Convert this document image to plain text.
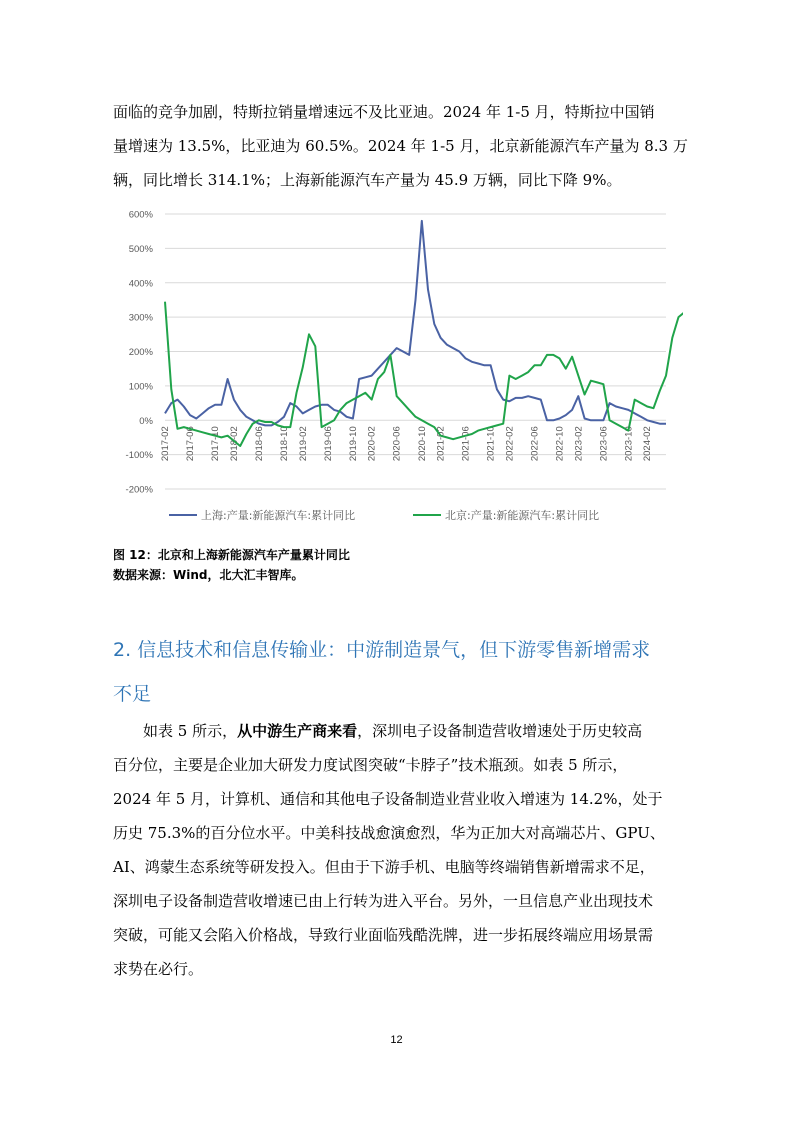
面临的竞争加剧，特斯拉销量增速远不及比亚迪。2024 年 1-5 月，特斯拉中国销

量增速为 13.5%，比亚迪为 60.5%。2024 年 1-5 月，北京新能源汽车产量为 8.3 万

辆，同比增长 314.1%；上海新能源汽车产量为 45.9 万辆，同比下降 9%。

600%
500%
400%
300%
200%
100%
0%
-100%
-200%
2017-02 2017-06 2017-10 2018-02 2018-06 2018-10 2019-02 2019-06 2019-10 2020-02 2020-06 2020-10 2021-02 2021-06 2021-10 2022-02 2022-06 2022-10 2023-02 2023-06 2023-10 2024-02
上海:产量:新能源汽车:累计同比	北京:产量:新能源汽车:累计同比
图 12：北京和上海新能源汽车产量累计同比
数据来源：Wind，北大汇丰智库。

2. 信息技术和信息传输业：中游制造景气，但下游零售新增需求

不足

如表 5 所示，从中游生产商来看，深圳电子设备制造营收增速处于历史较高

百分位，主要是企业加大研发力度试图突破“卡脖子”技术瓶颈。如表 5 所示，

2024 年 5 月，计算机、通信和其他电子设备制造业营业收入增速为 14.2%，处于

历史 75.3%的百分位水平。中美科技战愈演愈烈，华为正加大对高端芯片、GPU、

AI、鸿蒙生态系统等研发投入。但由于下游手机、电脑等终端销售新增需求不足，

深圳电子设备制造营收增速已由上行转为进入平台。另外，一旦信息产业出现技术

突破，可能又会陷入价格战，导致行业面临残酷洗牌，进一步拓展终端应用场景需

求势在必行。

12
